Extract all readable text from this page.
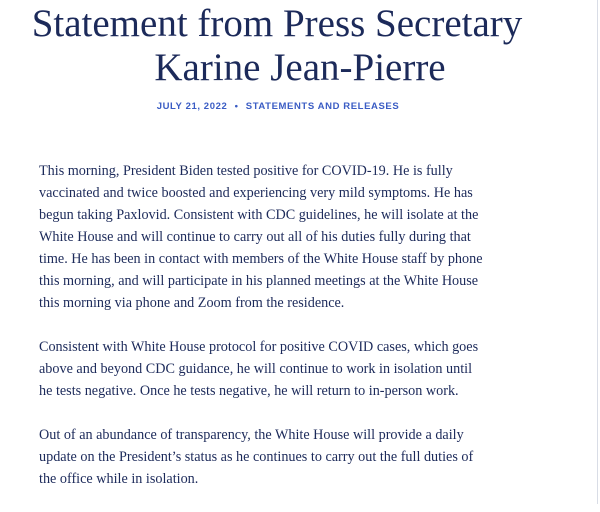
Statement from Press Secretary
Karine Jean-Pierre
JULY 21, 2022 • STATEMENTS AND RELEASES

This morning, President Biden tested positive for COVID-19. He is fully
vaccinated and twice boosted and experiencing very mild symptoms. He has
begun taking Paxlovid. Consistent with CDC guidelines, he will isolate at the
White House and will continue to carry out all of his duties fully during that
time. He has been in contact with members of the White House staff by phone
this morning, and will participate in his planned meetings at the White House
this morning via phone and Zoom from the residence.

Consistent with White House protocol for positive COVID cases, which goes
above and beyond CDC guidance, he will continue to work in isolation until
he tests negative. Once he tests negative, he will return to in-person work.

Out of an abundance of transparency, the White House will provide a daily
update on the President’s status as he continues to carry out the full duties of
the office while in isolation.
